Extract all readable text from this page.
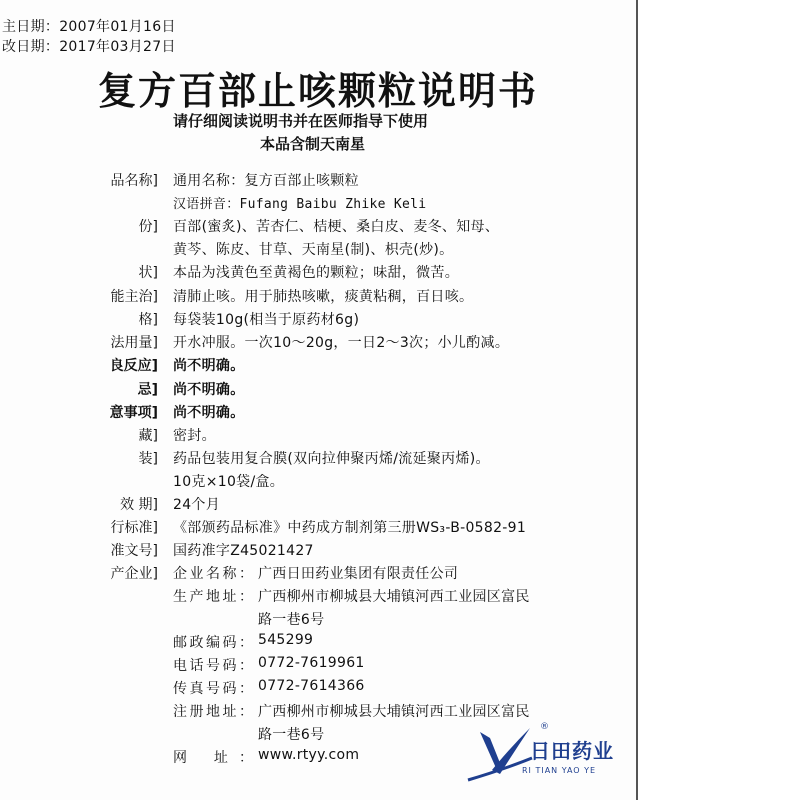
主日期：2007年01月16日
改日期：2017年03月27日
复方百部止咳颗粒说明书
请仔细阅读说明书并在医师指导下使用
本品含制天南星
品名称] 通用名称：复方百部止咳颗粒
汉语拼音：Fufang Baibu Zhike Keli
份] 百部(蜜炙)、苦杏仁、桔梗、桑白皮、麦冬、知母、
黄芩、陈皮、甘草、天南星(制)、枳壳(炒)。
状] 本品为浅黄色至黄褐色的颗粒；味甜，微苦。
能主治] 清肺止咳。用于肺热咳嗽，痰黄粘稠，百日咳。
格] 每袋装10g(相当于原药材6g)
法用量] 开水冲服。一次10～20g，一日2～3次；小儿酌减。
良反应] 尚不明确。
忌] 尚不明确。
意事项] 尚不明确。
藏] 密封。
装] 药品包装用复合膜(双向拉伸聚丙烯/流延聚丙烯)。
10克×10袋/盒。
效 期] 24个月
行标准] 《部颁药品标准》中药成方制剂第三册WS₃-B-0582-91
准文号] 国药准字Z45021427
产企业] 企业名称： 广西日田药业集团有限责任公司
生产地址： 广西柳州市柳城县大埔镇河西工业园区富民
路一巷6号
邮政编码： 545299
电话号码： 0772-7619961
传真号码： 0772-7614366
注册地址： 广西柳州市柳城县大埔镇河西工业园区富民
路一巷6号
网 址： www.rtyy.com	日田药业
RI TIAN YAO YE
®
